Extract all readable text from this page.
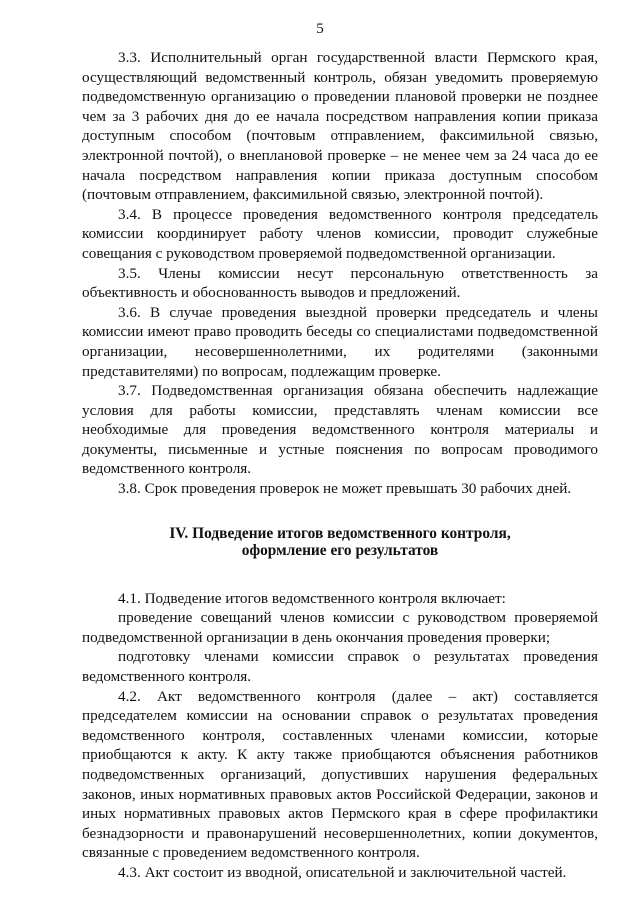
5

3.3. Исполнительный орган государственной власти Пермского края, осуществляющий ведомственный контроль, обязан уведомить проверяемую подведомственную организацию о проведении плановой проверки не позднее чем за 3 рабочих дня до ее начала посредством направления копии приказа доступным способом (почтовым отправлением, факсимильной связью, электронной почтой), о внеплановой проверке – не менее чем за 24 часа до ее начала посредством направления копии приказа доступным способом (почтовым отправлением, факсимильной связью, электронной почтой).

3.4. В процессе проведения ведомственного контроля председатель комиссии координирует работу членов комиссии, проводит служебные совещания с руководством проверяемой подведомственной организации.

3.5. Члены комиссии несут персональную ответственность за объективность и обоснованность выводов и предложений.

3.6. В случае проведения выездной проверки председатель и члены комиссии имеют право проводить беседы со специалистами подведомственной организации, несовершеннолетними, их родителями (законными представителями) по вопросам, подлежащим проверке.

3.7. Подведомственная организация обязана обеспечить надлежащие условия для работы комиссии, представлять членам комиссии все необходимые для проведения ведомственного контроля материалы и документы, письменные и устные пояснения по вопросам проводимого ведомственного контроля.

3.8. Срок проведения проверок не может превышать 30 рабочих дней.

IV. Подведение итогов ведомственного контроля,
оформление его результатов

4.1. Подведение итогов ведомственного контроля включает:

проведение совещаний членов комиссии с руководством проверяемой подведомственной организации в день окончания проведения проверки;

подготовку членами комиссии справок о результатах проведения ведомственного контроля.

4.2. Акт ведомственного контроля (далее – акт) составляется председателем комиссии на основании справок о результатах проведения ведомственного контроля, составленных членами комиссии, которые приобщаются к акту. К акту также приобщаются объяснения работников подведомственных организаций, допустивших нарушения федеральных законов, иных нормативных правовых актов Российской Федерации, законов и иных нормативных правовых актов Пермского края в сфере профилактики безнадзорности и правонарушений несовершеннолетних, копии документов, связанные с проведением ведомственного контроля.

4.3. Акт состоит из вводной, описательной и заключительной частей.
